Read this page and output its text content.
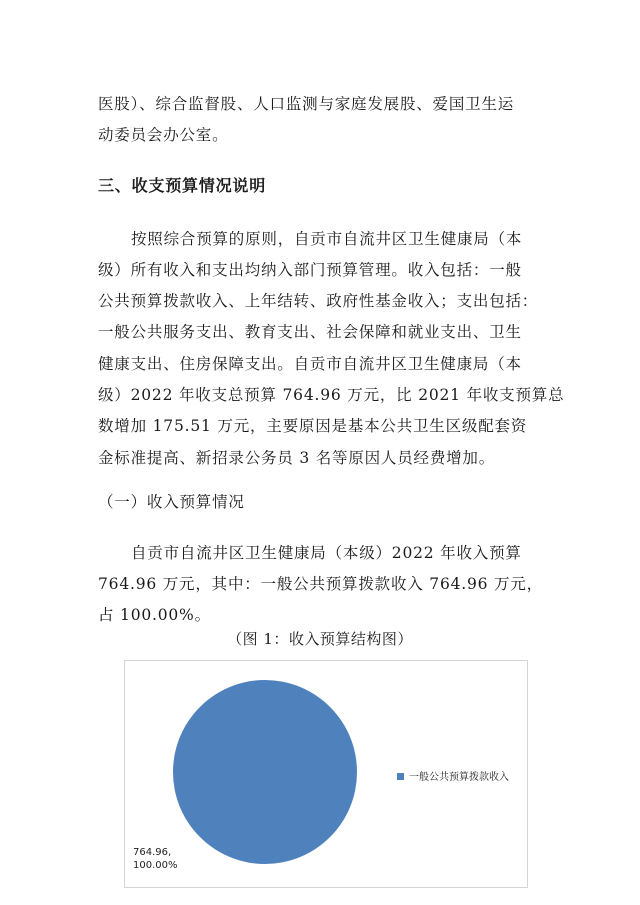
医股）、综合监督股、人口监测与家庭发展股、爱国卫生运
动委员会办公室。
三、收支预算情况说明
按照综合预算的原则，自贡市自流井区卫生健康局（本
级）所有收入和支出均纳入部门预算管理。收入包括：一般
公共预算拨款收入、上年结转、政府性基金收入；支出包括：
一般公共服务支出、教育支出、社会保障和就业支出、卫生
健康支出、住房保障支出。自贡市自流井区卫生健康局（本
级）2022 年收支总预算 764.96 万元，比 2021 年收支预算总
数增加 175.51 万元，主要原因是基本公共卫生区级配套资
金标准提高、新招录公务员 3 名等原因人员经费增加。
（一）收入预算情况
自贡市自流井区卫生健康局（本级）2022 年收入预算
764.96 万元，其中：一般公共预算拨款收入 764.96 万元，
占 100.00%。
（图 1：收入预算结构图）
764.96,
100.00%
一般公共预算拨款收入
